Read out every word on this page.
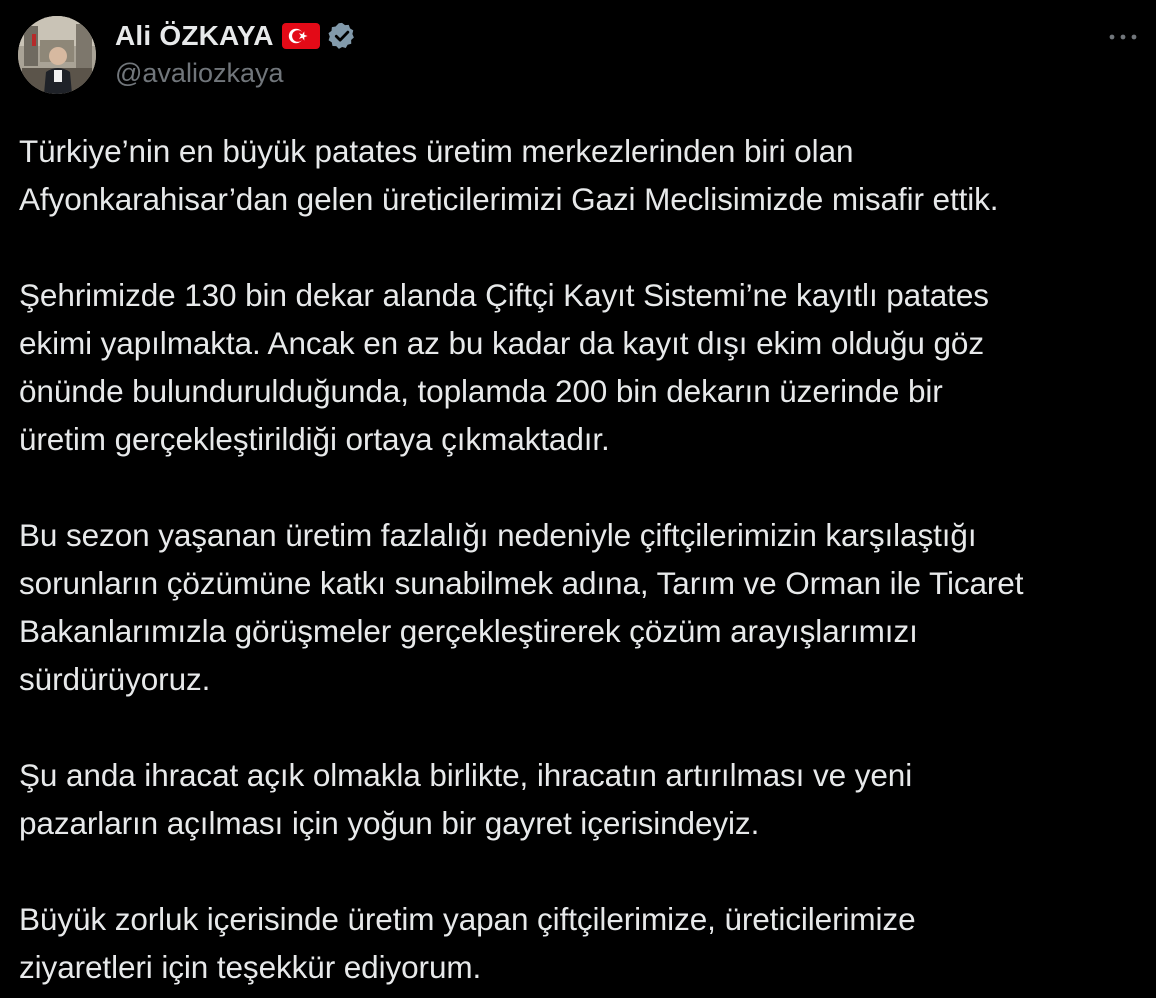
Ali ÖZKAYA
@avaliozkaya

Türkiye’nin en büyük patates üretim merkezlerinden biri olan
Afyonkarahisar’dan gelen üreticilerimizi Gazi Meclisimizde misafir ettik.

Şehrimizde 130 bin dekar alanda Çiftçi Kayıt Sistemi’ne kayıtlı patates
ekimi yapılmakta. Ancak en az bu kadar da kayıt dışı ekim olduğu göz
önünde bulundurulduğunda, toplamda 200 bin dekarın üzerinde bir
üretim gerçekleştirildiği ortaya çıkmaktadır.

Bu sezon yaşanan üretim fazlalığı nedeniyle çiftçilerimizin karşılaştığı
sorunların çözümüne katkı sunabilmek adına, Tarım ve Orman ile Ticaret
Bakanlarımızla görüşmeler gerçekleştirerek çözüm arayışlarımızı
sürdürüyoruz.

Şu anda ihracat açık olmakla birlikte, ihracatın artırılması ve yeni
pazarların açılması için yoğun bir gayret içerisindeyiz.

Büyük zorluk içerisinde üretim yapan çiftçilerimize, üreticilerimize
ziyaretleri için teşekkür ediyorum.
